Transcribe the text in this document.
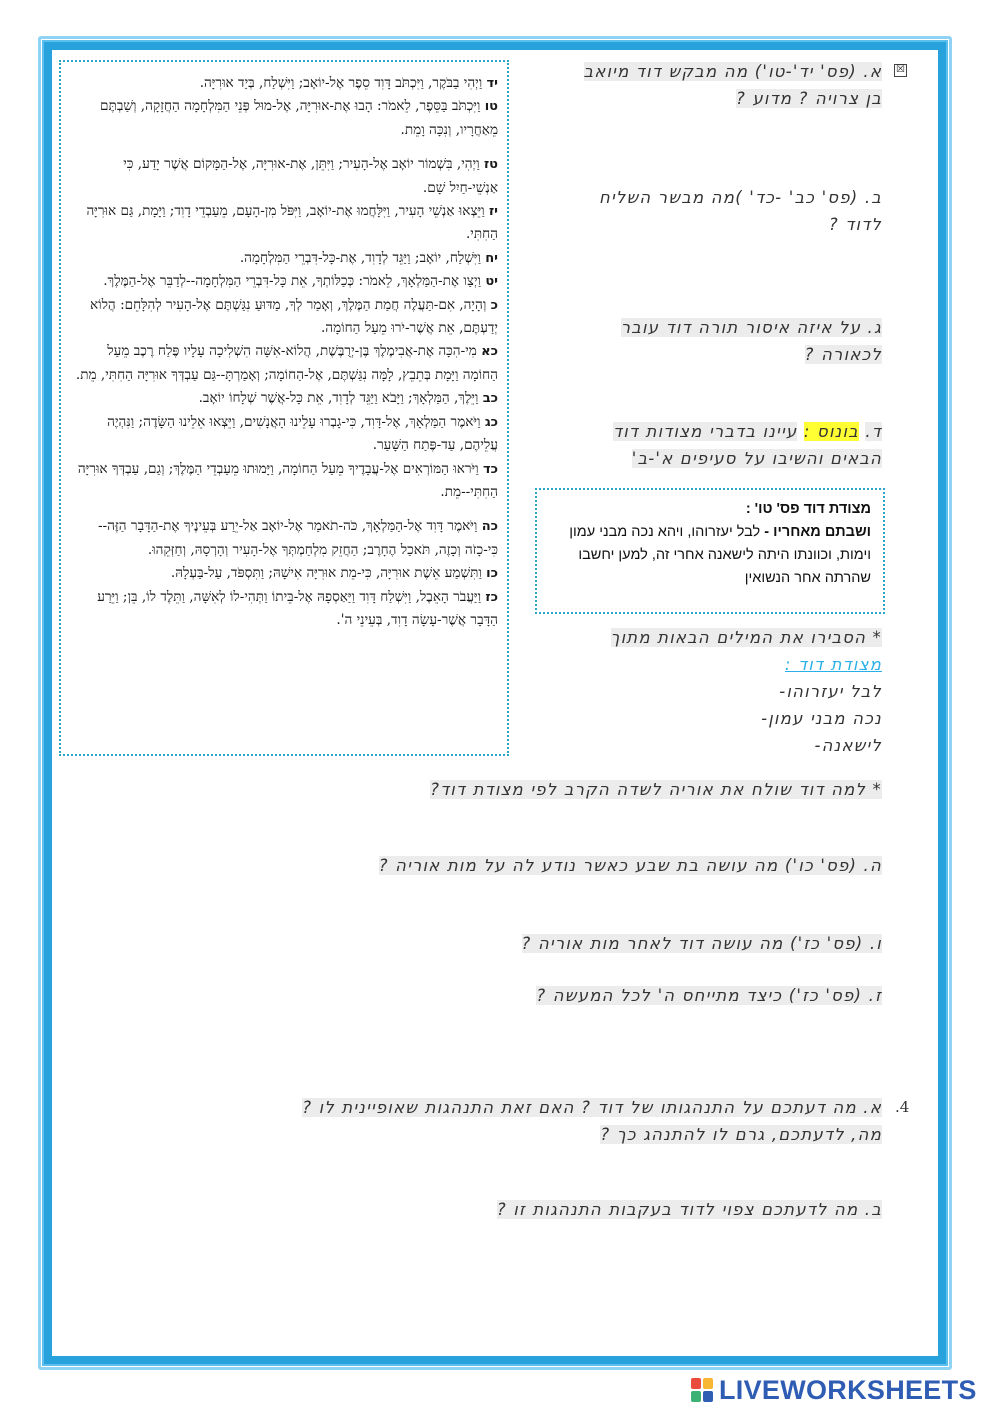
יד וַיְהִי בַבֹּקֶר, וַיִּכְתֹּב דָּוִד סֵפֶר אֶל-יוֹאָב; וַיִּשְׁלַח, בְּיַד אוּרִיָּה.

טו וַיִּכְתֹּב בַּסֵּפֶר, לֵאמֹר: הָבוּ אֶת-אוּרִיָּה, אֶל-מוּל פְּנֵי הַמִּלְחָמָה הַחֲזָקָה, וְשַׁבְתֶּם מֵאַחֲרָיו, וְנִכָּה וָמֵת.

טז וַיְהִי, בִּשְׁמוֹר יוֹאָב אֶל-הָעִיר; וַיִּתֵּן, אֶת-אוּרִיָּה, אֶל-הַמָּקוֹם אֲשֶׁר יָדַע, כִּי אַנְשֵׁי-חַיִל שָׁם.

יז וַיֵּצְאוּ אַנְשֵׁי הָעִיר, וַיִּלָּחֲמוּ אֶת-יוֹאָב, וַיִּפֹּל מִן-הָעָם, מֵעַבְדֵי דָוִד; וַיָּמָת, גַּם אוּרִיָּה הַחִתִּי.

יח וַיִּשְׁלַח, יוֹאָב; וַיַּגֵּד לְדָוִד, אֶת-כָּל-דִּבְרֵי הַמִּלְחָמָה.

יט וַיְצַו אֶת-הַמַּלְאָךְ, לֵאמֹר: כְּכַלּוֹתְךָ, אֵת כָּל-דִּבְרֵי הַמִּלְחָמָה--לְדַבֵּר אֶל-הַמֶּלֶךְ.

כ וְהָיָה, אִם-תַּעֲלֶה חֲמַת הַמֶּלֶךְ, וְאָמַר לְךָ, מַדּוּעַ נִגַּשְׁתֶּם אֶל-הָעִיר לְהִלָּחֵם: הֲלוֹא יְדַעְתֶּם, אֵת אֲשֶׁר-יֹרוּ מֵעַל הַחוֹמָה.

כא מִי-הִכָּה אֶת-אֲבִימֶלֶךְ בֶּן-יְרֻבֶּשֶׁת, הֲלוֹא-אִשָּׁה הִשְׁלִיכָה עָלָיו פֶּלַח רֶכֶב מֵעַל הַחוֹמָה וַיָּמָת בְּתֵבֵץ, לָמָּה נִגַּשְׁתֶּם, אֶל-הַחוֹמָה; וְאָמַרְתָּ--גַּם עַבְדְּךָ אוּרִיָּה הַחִתִּי, מֵת.

כב וַיֵּלֶךְ, הַמַּלְאָךְ; וַיָּבֹא וַיַּגֵּד לְדָוִד, אֵת כָּל-אֲשֶׁר שְׁלָחוֹ יוֹאָב.

כג וַיֹּאמֶר הַמַּלְאָךְ, אֶל-דָּוִד, כִּי-גָבְרוּ עָלֵינוּ הָאֲנָשִׁים, וַיֵּצְאוּ אֵלֵינוּ הַשָּׂדֶה; וַנִּהְיֶה עֲלֵיהֶם, עַד-פֶּתַח הַשָּׁעַר.

כד וַיֹּראוּ הַמּוֹרְאִים אֶל-עֲבָדֶיךָ מֵעַל הַחוֹמָה, וַיָּמוּתוּ מֵעַבְדֵי הַמֶּלֶךְ; וְגַם, עַבְדְּךָ אוּרִיָּה הַחִתִּי--מֵת.

כה וַיֹּאמֶר דָּוִד אֶל-הַמַּלְאָךְ, כֹּה-תֹאמַר אֶל-יוֹאָב אַל-יֵרַע בְּעֵינֶיךָ אֶת-הַדָּבָר הַזֶּה--כִּי-כָזֹה וְכָזֶה, תֹּאכַל הֶחָרֶב; הַחֲזֵק מִלְחַמְתְּךָ אֶל-הָעִיר וְהָרְסָהּ, וְחַזְּקֵהוּ.

כו וַתִּשְׁמַע אֵשֶׁת אוּרִיָּה, כִּי-מֵת אוּרִיָּה אִישָׁהּ; וַתִּסְפֹּד, עַל-בַּעְלָהּ.

כז וַיַּעֲבֹר הָאֵבֶל, וַיִּשְׁלַח דָּוִד וַיַּאַסְפָהּ אֶל-בֵּיתוֹ וַתְּהִי-לוֹ לְאִשָּׁה, וַתֵּלֶד לוֹ, בֵּן; וַיֵּרַע הַדָּבָר אֲשֶׁר-עָשָׂה דָוִד, בְּעֵינֵי ה'.

☒
א. (פס' יד'-טו') מה מבקש דוד מיואב
בן צרויה ? מדוע ?
ב. (פס' כב' -כד' )מה מבשר השליח
לדוד ?
ג. על איזה איסור תורה דוד עובר
לכאורה ?
ד. בונוס : עיינו בדברי מצודות דוד
הבאים והשיבו על סעיפים א'-ב'
מצודת דוד פס' טו' :
ושבתם מאחריו - לבל יעזרוהו, ויהא נכה מבני עמון וימות, וכוונתו היתה לישאנה אחרי זה, למען יחשבו שהרתה אחר הנשואין
* הסבירו את המילים הבאות מתוך
מצודת דוד :
לבל יעזרוהו-
נכה מבני עמון-
לישאנה-
* למה דוד שולח את אוריה לשדה הקרב לפי מצודת דוד?
ה. (פס' כו') מה עושה בת שבע כאשר נודע לה על מות אוריה ?
ו. (פס' כז') מה עושה דוד לאחר מות אוריה ?
ז. (פס' כז') כיצד מתייחס ה' לכל המעשה ?
.4
א. מה דעתכם על התנהגותו של דוד ? האם זאת התנהגות שאופיינית לו ?
מה, לדעתכם, גרם לו להתנהג כך ?
ב. מה לדעתכם צפוי לדוד בעקבות התנהגות זו ?
LIVEWORKSHEETS
